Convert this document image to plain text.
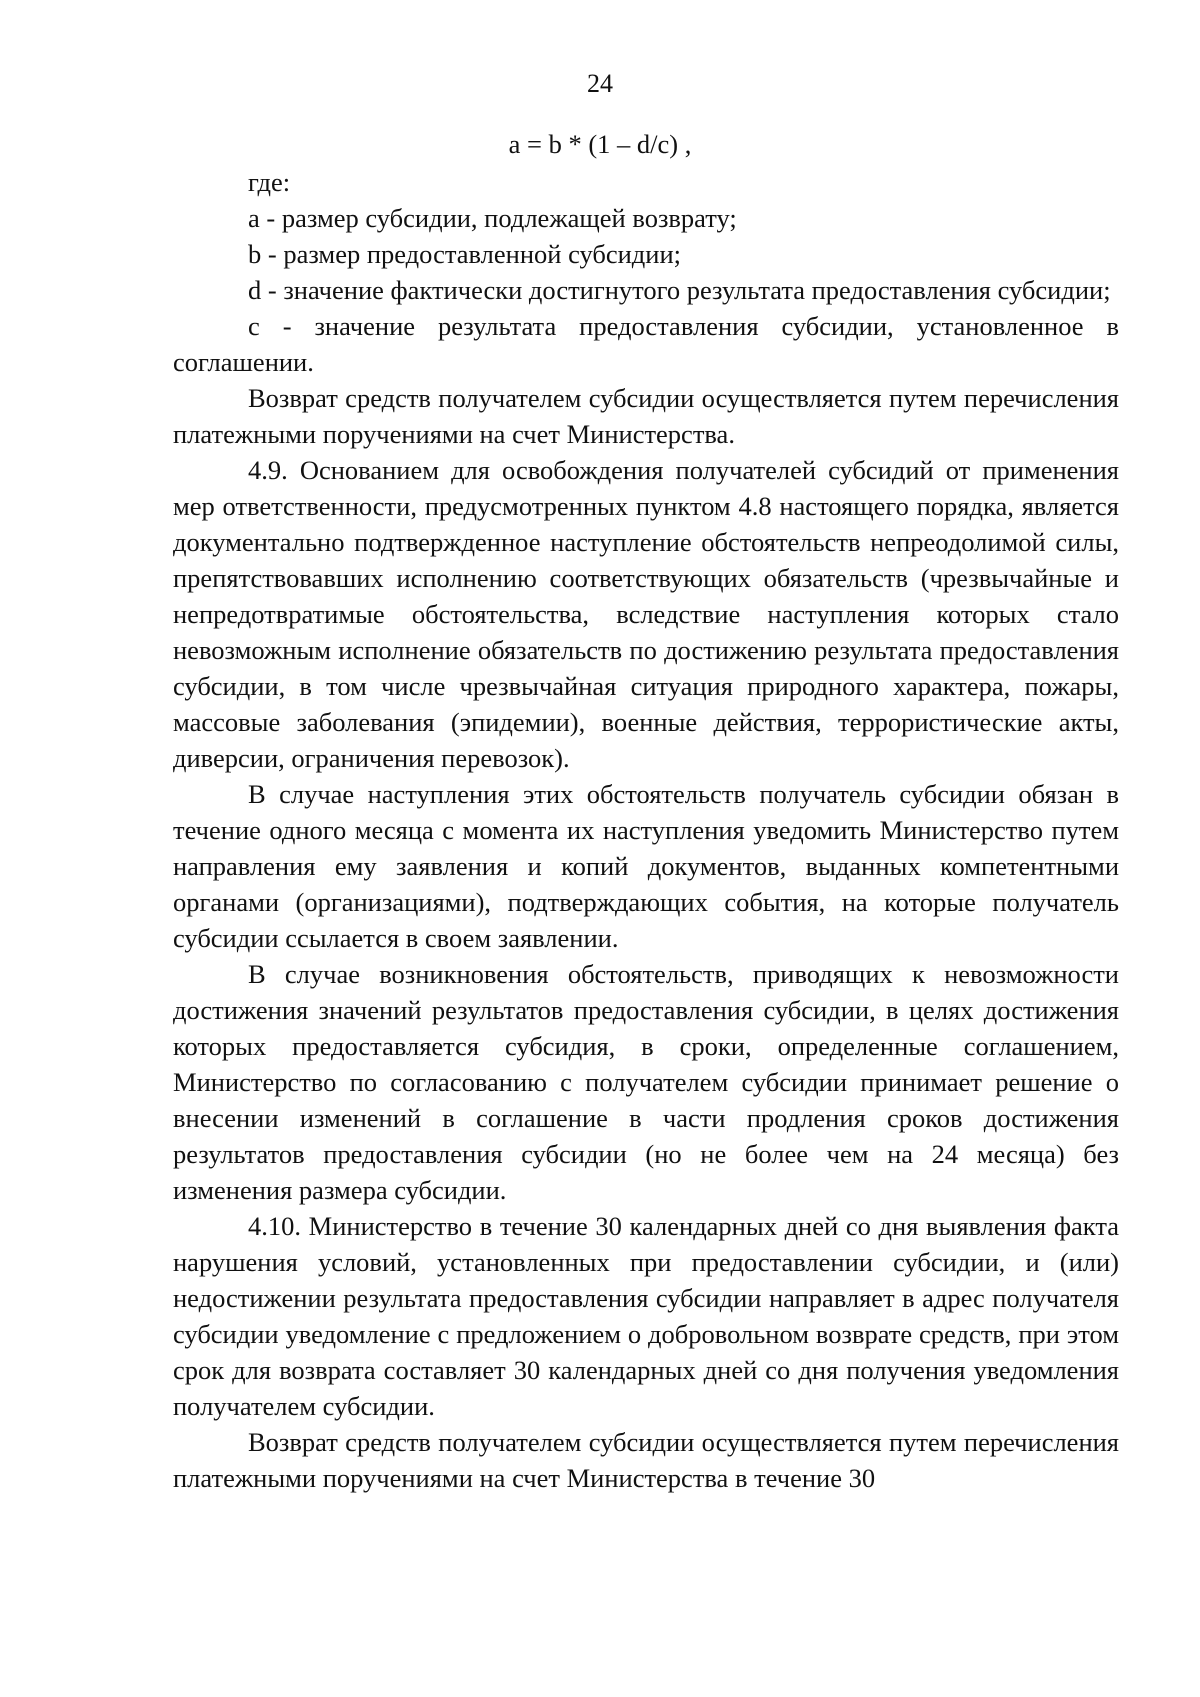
24
a = b * (1 – d/c) ,

где:

a - размер субсидии, подлежащей возврату;

b - размер предоставленной субсидии;

d - значение фактически достигнутого результата предоставления субсидии;

c - значение результата предоставления субсидии, установленное в соглашении.

Возврат средств получателем субсидии осуществляется путем перечисления платежными поручениями на счет Министерства.

4.9. Основанием для освобождения получателей субсидий от применения мер ответственности, предусмотренных пунктом 4.8 настоящего порядка, является документально подтвержденное наступление обстоятельств непреодолимой силы, препятствовавших исполнению соответствующих обязательств (чрезвычайные и непредотвратимые обстоятельства, вследствие наступления которых стало невозможным исполнение обязательств по достижению результата предоставления субсидии, в том числе чрезвычайная ситуация природного характера, пожары, массовые заболевания (эпидемии), военные действия, террористические акты, диверсии, ограничения перевозок).

В случае наступления этих обстоятельств получатель субсидии обязан в течение одного месяца с момента их наступления уведомить Министерство путем направления ему заявления и копий документов, выданных компетентными органами (организациями), подтверждающих события, на которые получатель субсидии ссылается в своем заявлении.

В случае возникновения обстоятельств, приводящих к невозможности достижения значений результатов предоставления субсидии, в целях достижения которых предоставляется субсидия, в сроки, определенные соглашением, Министерство по согласованию с получателем субсидии принимает решение о внесении изменений в соглашение в части продления сроков достижения результатов предоставления субсидии (но не более чем на 24 месяца) без изменения размера субсидии.

4.10. Министерство в течение 30 календарных дней со дня выявления факта нарушения условий, установленных при предоставлении субсидии, и (или) недостижении результата предоставления субсидии направляет в адрес получателя субсидии уведомление с предложением о добровольном возврате средств, при этом срок для возврата составляет 30 календарных дней со дня получения уведомления получателем субсидии.

Возврат средств получателем субсидии осуществляется путем перечисления платежными поручениями на счет Министерства в течение 30
